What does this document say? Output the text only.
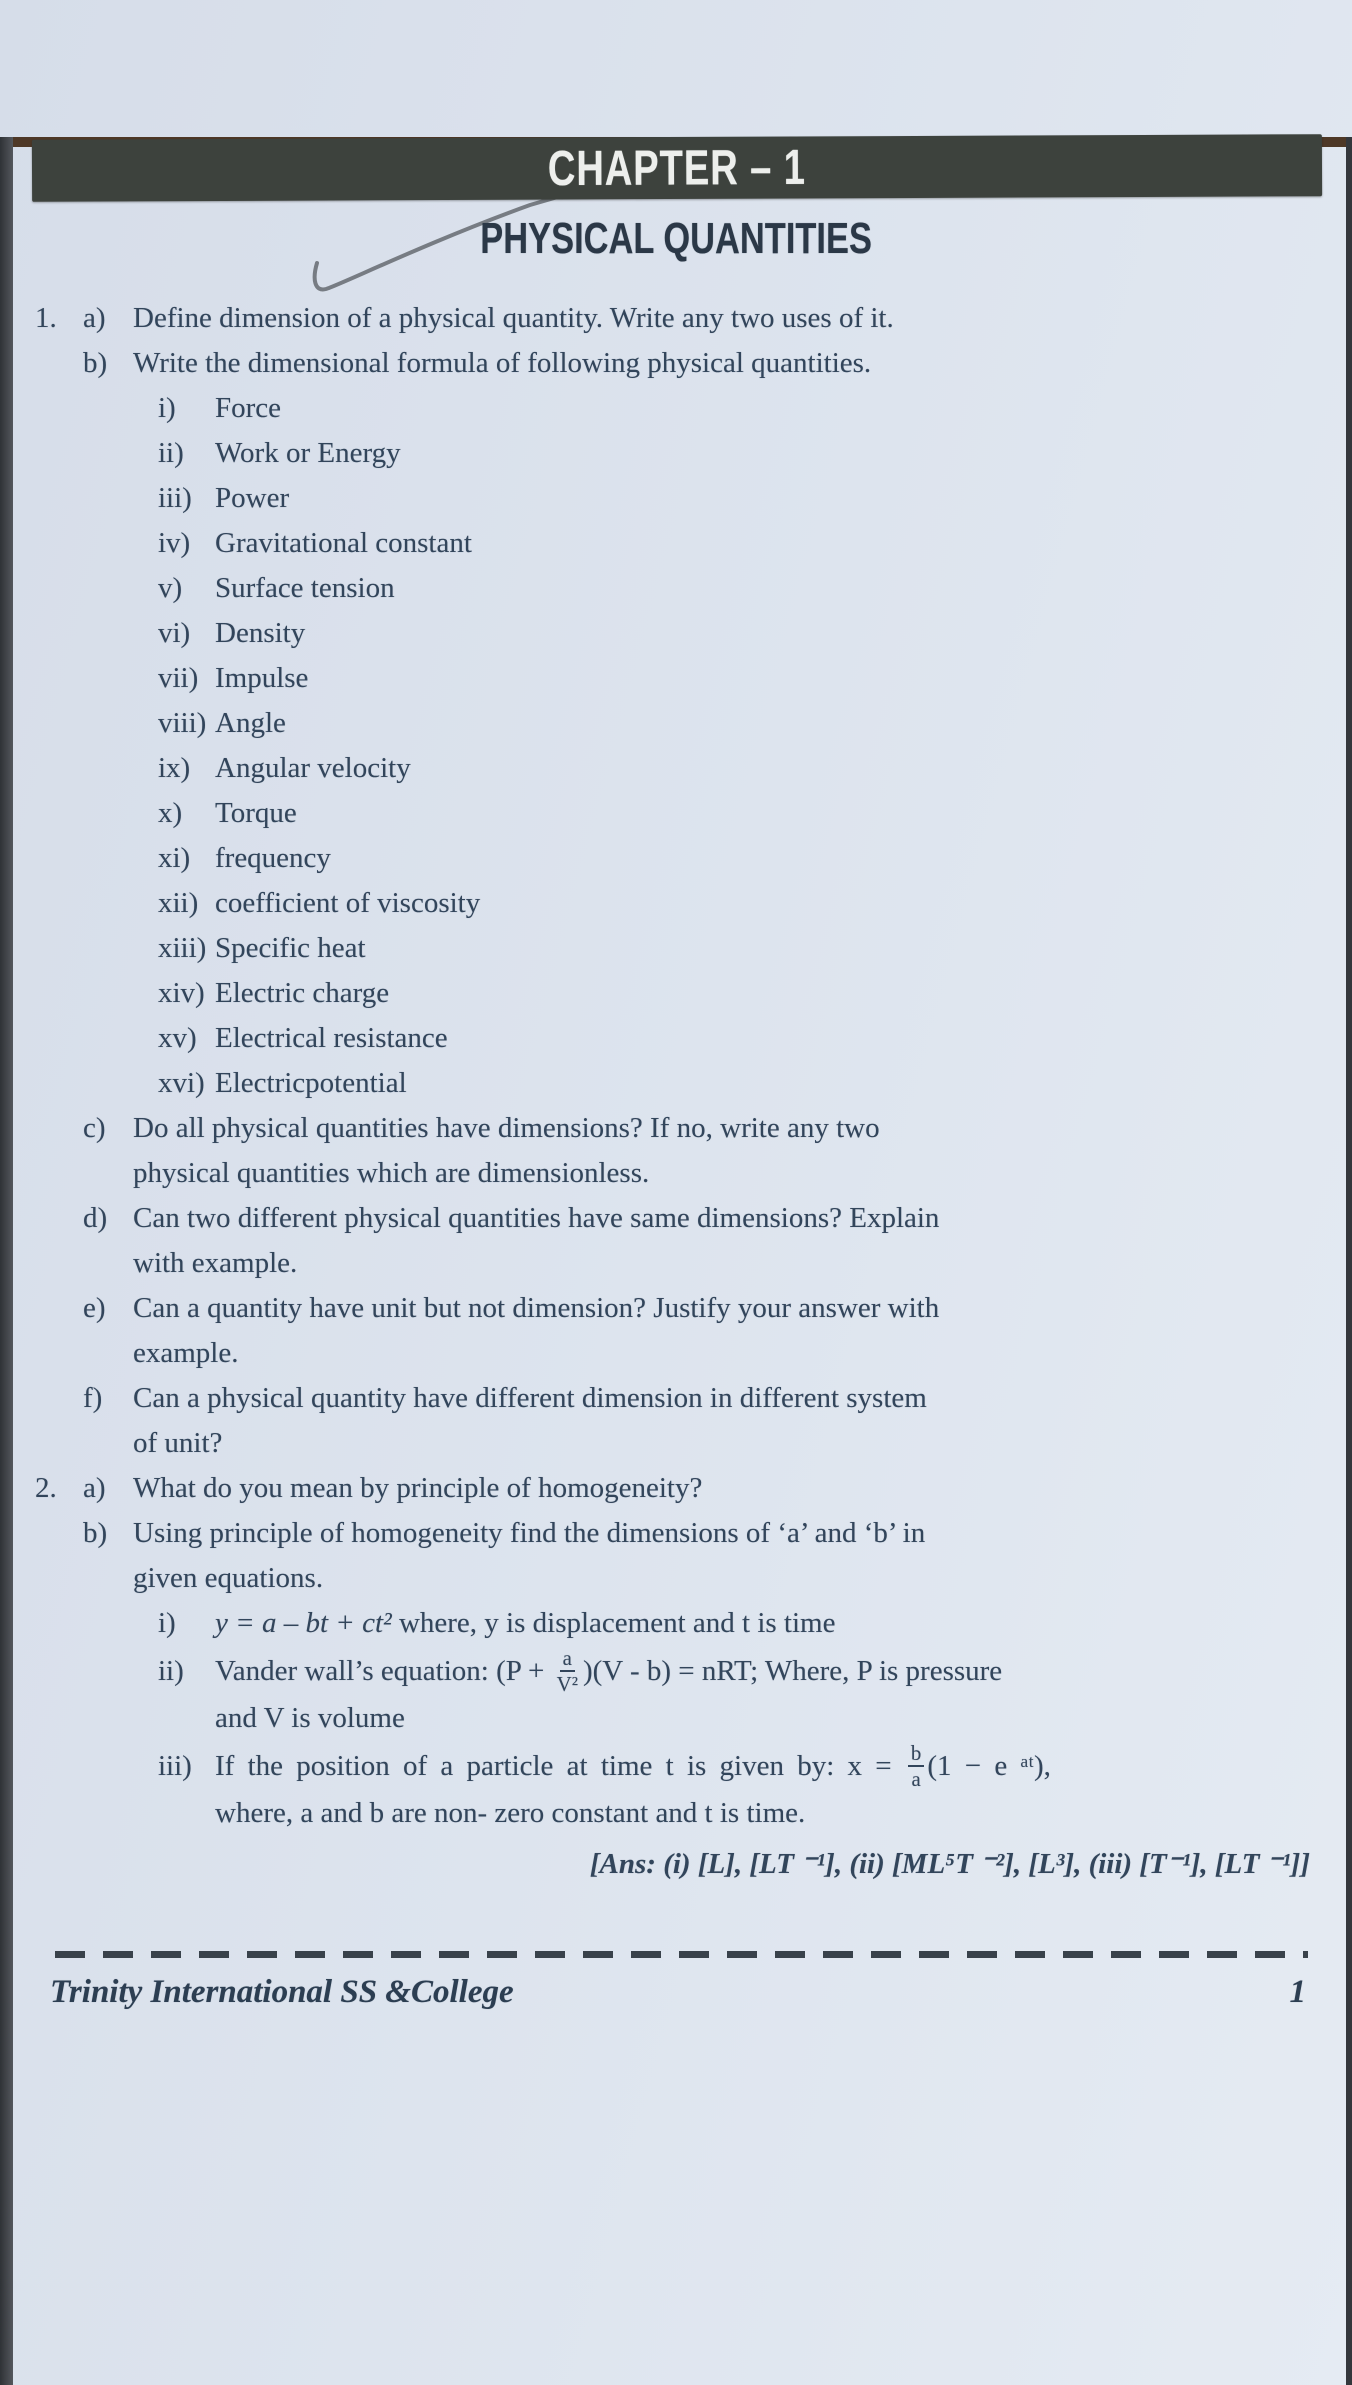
CHAPTER – 1
PHYSICAL QUANTITIES
1. a) Define dimension of a physical quantity. Write any two uses of it.
b) Write the dimensional formula of following physical quantities.
i)	Force
ii)	Work or Energy
iii) Power
iv) Gravitational constant
v)	Surface tension
vi) Density
vii) Impulse
viii) Angle
ix) Angular velocity
x)	Torque
xi) frequency
xii) coefficient of viscosity
xiii) Specific heat
xiv) Electric charge
xv) Electrical resistance
xvi) Electricpotential
c) Do all physical quantities have dimensions? If no, write any two
physical quantities which are dimensionless.
d) Can two different physical quantities have same dimensions? Explain
with example.
e) Can a quantity have unit but not dimension? Justify your answer with
example.
f)	Can a physical quantity have different dimension in different system
of unit?
2. a) What do you mean by principle of homogeneity?
b) Using principle of homogeneity find the dimensions of ‘a’ and ‘b’ in
given equations.
i)	y = a – bt + ct² where, y is displacement and t is time
ii)	Vander wall’s equation: $(P + \frac{a}{\text{V²}} )(V - b)$ = nRT; Where, P is pressure
and V is volume
iii) If the position of a particle at time t is given by: $x = \frac{b}{a} (1 - e$ ᵃᵗ),
where, a and b are non- zero constant and t is time.
[Ans: (i) [L], [LT ⁻¹], (ii) [ML⁵T ⁻²], [L³], (iii) [T⁻¹], [LT ⁻¹]]
Trinity International SS &College	1
